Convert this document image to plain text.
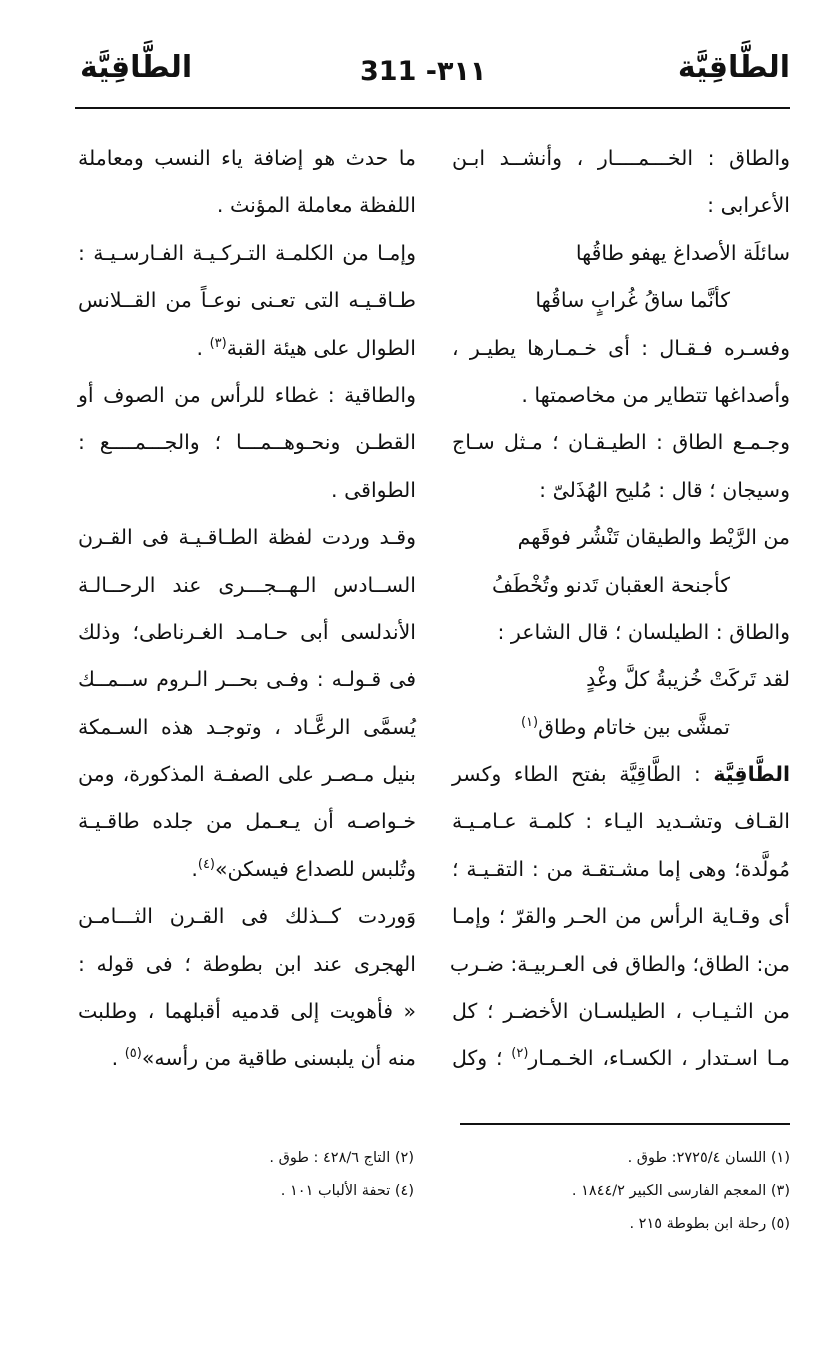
الطَّاقِيَّة
311 -٣١١
الطَّاقِيَّة
والطاق : الخـــمــــار ، وأنشــد ابـن
الأعرابى :
سائلَة الأصداغ يهفو طاقُها
كأنَّما ساقُ غُرابٍ ساقُها
وفسـره فـقـال : أى خـمـارها يطيـر ،
وأصداغها تتطاير من مخاصمتها .
وجـمـع الطاق : الطيـقـان ؛ مـثل سـاج
وسيجان ؛ قال : مُليح الهُذَلىّ :
من الرَّيْط والطيقان تَنْشُر فوقَهم
كأجنحة العقبان تَدنو وتُخْطَفُ
والطاق : الطيلسان ؛ قال الشاعر :
لقد تَركَتْ خُزيبةُ كلَّ وغْدٍ
تمشَّى بين خاتام وطاق$^{(١)}$
الطَّاقِيَّة : الطَّاقِيَّة بفتح الطاء وكسر
القـاف وتشـديد اليـاء : كلمـة عـامـيـة
مُولَّدة؛ وهى إما مشـتقـة من : التقـيـة ؛
أى وقـاية الرأس من الحـر والقرّ ؛ وإمـا
من: الطاق؛ والطاق فى العـربيـة: ضـرب
من الثـيـاب ، الطيلسـان الأخضـر ؛ كل
مـا اسـتدار ، الكسـاء، الخـمـار$^{(٢)}$ ؛ وكل
ما حدث هو إضافة ياء النسب ومعاملة
اللفظة معاملة المؤنث .
وإمـا من الكلمـة التـركـيـة الفـارسـيـة :
طـاقـيـه التى تعـنى نوعـاً من القــلانس
الطوال على هيئة القبة$^{(٣)}$ .
والطاقية : غطاء للرأس من الصوف أو
القطـن ونحـوهــمـــا ؛ والجـــمــــع :
الطواقى .
وقـد وردت لفظة الطـاقـيـة فى القـرن
الســادس الـهــجـــرى عند الرحــالـة
الأندلسى أبى حـامـد الغـرناطى؛ وذلك
فى قـولـه : وفـى بحــر الـروم ســمــك
يُسمَّى الرعَّـاد ، وتوجـد هذه السـمكة
بنيل مـصـر على الصفـة المذكورة، ومن
خـواصـه أن يـعـمل من جلده طاقـيـة
وتُلبس للصداع فيسكن»$^{(٤)}$.
وَوردت كــذلك فى القـرن الثـــامـن
الهجرى عند ابن بطوطة ؛ فى قوله :
« فأهويت إلى قدميه أقبلهما ، وطلبت
منه أن يلبسنى طاقية من رأسه»$^{(٥)}$ .
(١) اللسان ٢٧٢٥/٤: طوق .
(٢) التاج ٤٢٨/٦ : طوق .
(٣) المعجم الفارسى الكبير ١٨٤٤/٢ .
(٤) تحفة الألباب ١٠١ .
(٥) رحلة ابن بطوطة ٢١٥ .
